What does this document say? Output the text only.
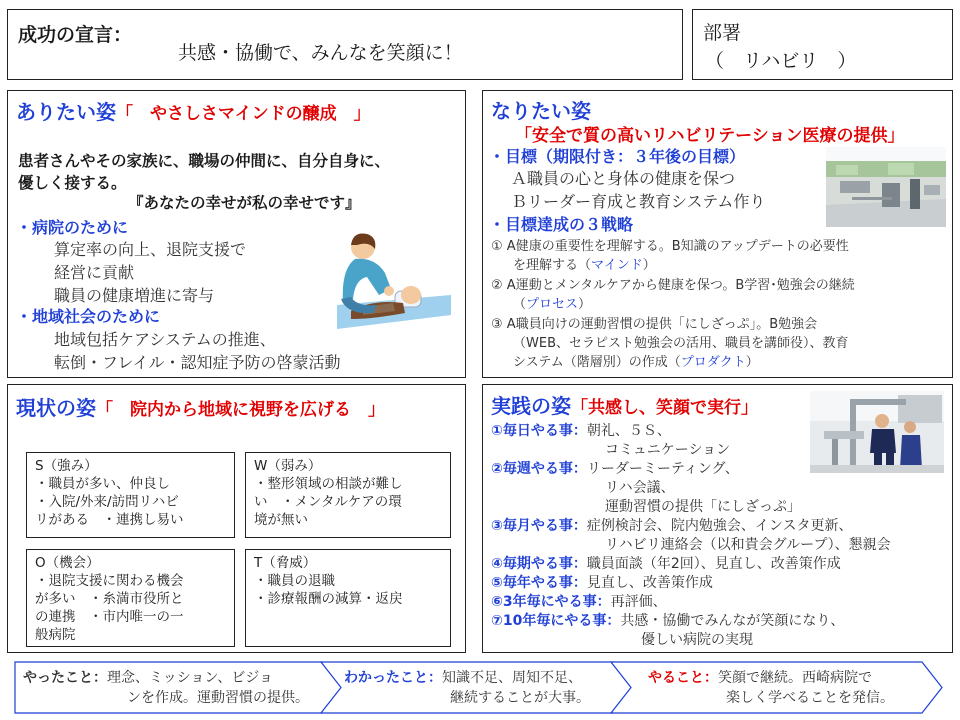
成功の宣言：
共感・協働で、みんなを笑顔に！
部署
（　リハビリ　）
ありたい姿「　やさしさマインドの醸成　」
患者さんやその家族に、職場の仲間に、自分自身に、
優しく接する。
『あなたの幸せが私の幸せです』
・病院のために
算定率の向上、退院支援で
経営に貢献
職員の健康増進に寄与
・地域社会のために
地域包括ケアシステムの推進、
転倒・フレイル・認知症予防の啓蒙活動
なりたい姿
「安全で質の高いリハビリテーション医療の提供」
・目標（期限付き：３年後の目標）
Ａ職員の心と身体の健康を保つ
Ｂリーダー育成と教育システム作り
・目標達成の３戦略
① A健康の重要性を理解する。B知識のアップデートの必要性
を理解する（マインド）
② A運動とメンタルケアから健康を保つ。B学習･勉強会の継続
（プロセス）
③ A職員向けの運動習慣の提供「にしざっぷ」。B勉強会
（WEB、セラピスト勉強会の活用、職員を講師役）、教育
システム（階層別）の作成（プロダクト）
現状の姿「　院内から地域に視野を広げる　」
S（強み）
・職員が多い、仲良し
・入院/外来/訪問リハビ
リがある　・連携し易い
W（弱み）
・整形領域の相談が難し
い　・メンタルケアの環
境が無い
O（機会）
・退院支援に関わる機会
が多い　・糸満市役所と
の連携　・市内唯一の一
般病院
T（脅威）
・職員の退職
・診療報酬の減算・返戻
実践の姿「共感し、笑顔で実行」
①毎日やる事：朝礼、５Ｓ、
コミュニケーション
②毎週やる事：リーダーミーティング、
リハ会議、
運動習慣の提供「にしざっぷ」
③毎月やる事：症例検討会、院内勉強会、インスタ更新、
リハビリ連絡会（以和貴会グループ）、懇親会
④毎期やる事：職員面談（年2回）、見直し、改善策作成
⑤毎年やる事：見直し、改善策作成
⑥3年毎にやる事：再評価、
⑦10年毎にやる事：共感・協働でみんなが笑顔になり、
優しい病院の実現
やったこと：理念、ミッション、ビジョ
ンを作成。運動習慣の提供。
わかったこと：知識不足、周知不足、
継続することが大事。
やること：笑顔で継続。西崎病院で
楽しく学べることを発信。
